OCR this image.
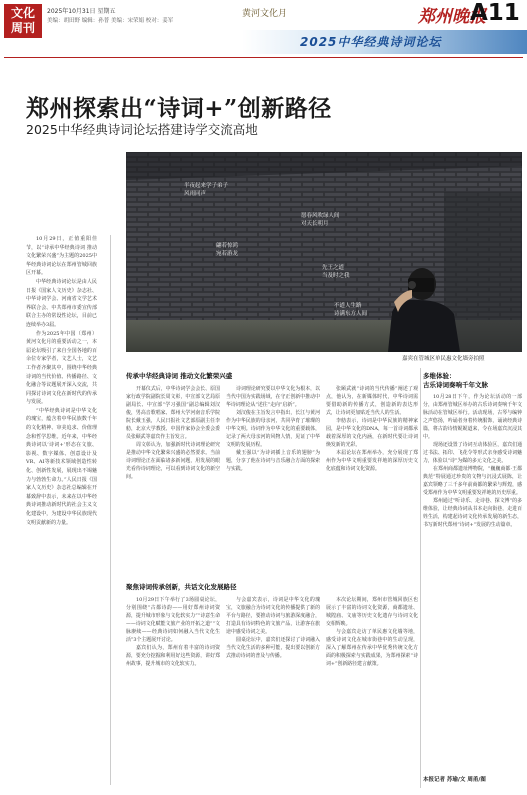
文化
周刊
2025年10月31日 星期五
美编：胡田野 编辑：孙普 美编：宋荣娟 校对：姜军
黄河文化月	郑州晚报
A11
2025中华经典诗词论坛
郑州探索出“诗词+”创新路径
2025中华经典诗词论坛搭建诗学交流高地

10月29日，正值重阳佳节，以“诗承中华经典诗词 推动文化繁荣兴盛”为主题的2025中华经典诗词论坛在郑州管城回族区开幕。

中华经典诗词论坛是由人民日报《国家人文历史》杂志社、中华诗词学会、河南省文学艺术界联合会、中共郑州市委宣传部联合主办的常设性论坛，目前已连续举办3届。

作为2025年中国（郑州）黄河文化月的重要活动之一，本届论坛吸引了来自全国各地的百余位专家学者，文艺人士，文艺工作者齐聚其中，围绕中华经典诗词的当代价值、传播路径、文化融合等议题展开深入交流，共同探讨诗词文化在新时代的传承与发展。

“中华经典诗词是中华文化的瑰宝，蕴含着中华民族数千年的文化精神、审美追求、价值理念和哲学思维。近年来，中华经典诗词以‘诗词+’形态在文旅、影视、数字媒体、创意设计及VR、AI等新技术领域创造性转化、创新性发展，展现出不竭魅力与勃勃生命力。”人民日报《国家人文历史》杂志社总编辑在开幕致辞中表示，未来在以中华经典诗词推动新时代的社会主义文化建设中，为建设中华民族现代文明贡献新的力量。

半夜起来学子弟子
风雨同声
翩若惊鸿
宛若游龙
愿春风吹绿人间
对天长明月
先王之道
当及时之我
不道人生路
诗满东方人间
嘉宾在管城区单民惠文化墙旁拍照
传承中华经典诗词 推动文化繁荣兴盛
聚焦诗词传承创新，共话文化发展路径
多维体验：
古乐诗词奏响千年文脉

开幕仪式后，中华诗词学会会长、原国家行政学院副院长周文彰，中宣部文艺局原副局长、中宣部“学习强国”副总编辑刘汉俊，男高音歌唱家、郑州大学河南音乐学院院长戴玉强，人民日报社文艺部原副主任李舫，北京大学教授、中国作家协会全委会委员张颐武等嘉宾作主旨发言。

周文彰认为，加强新时代诗词理论研究是推动中华文化繁荣兴盛的必然要求。当前诗词理论正在面临诸多新问题，用发展的眼光看待诗词理论，可以看到诗词文化的新空间。

诗词理论研究要以中华文化为根本，以当代中国为实践场域，在守正创新中推动中华诗词理论从“述往”走向“启新”。

刘汉俊在主旨发言中指出，长江与黄河作为中华民族的母亲河，共同孕育了璀璨的中华文明。诗词作为中华文化的重要载体，记录了两大母亲河的风物人情，见证了中华文明的发展历程。

戴玉强以“为诗词插上音乐的翅膀”为题，分享了他在诗词与音乐融合方面的探索与实践。

张颐武就“诗词的当代传播”阐述了观点，他认为，在新媒体时代，中华诗词需要借助新的传播方式，创造新的表达形式，让诗词更加贴近当代人的生活。

李舫表示，诗词是中华民族的精神家园，是中华文化的DNA，每一首诗词都承载着深厚的文化内涵，在新时代要让诗词焕发新的光彩。

本届论坛在郑州举办，充分展现了郑州作为中华文明重要发祥地的深厚历史文化底蕴和诗词文化资源。

10月29日下午举行了3场圆桌论坛，分别围绕“古都诗韵——用好郑州诗词资源，提升城市形象与文化软实力”“诗意生命——诗词文化赋能文旅产业的开拓之道”“文脉赓续——经典诗词如何融入当代文化生活”3个主题展开讨论。

嘉宾们认为，郑州有着丰富的诗词资源，要充分挖掘和利用好这些资源，讲好郑州故事，提升城市的文化软实力。

与会嘉宾表示，诗词是中华文化的瑰宝，文旅融合为诗词文化的传播提供了新的平台与路径，要推动诗词与旅游深度融合，打造具有诗词特色的文旅产品，让游客在旅途中感受诗词之美。

圆桌论坛中，嘉宾们还探讨了诗词融入当代文化生活的多种可能，提出要以创新方式推动诗词的普及与传播。

本次论坛期间，郑州市管城回族区也展示了丰富的诗词文化资源，商都遗址、城隍庙、文庙等历史文化遗存与诗词文化交相辉映。

与会嘉宾走访了单民惠文化墙等地，感受诗词文化在城市街巷中的生动呈现，深入了解郑州在传承中华优秀传统文化方面的积极探索与实践成果，为郑州探索“诗词+”创新路径建言献策。

10月28日下午，作为论坛活动的一部分，由郑州管城区举办的古乐诗词奏响千年文脉活动在管城区举行。活动现场，古琴与编钟之声悠扬，吟诵者身着传统服饰，诵读经典诗篇，将古韵诗情娓娓道来，令在场嘉宾沉浸其中。

现场还设置了诗词互动体验区，嘉宾们通过书法、拓印、飞花令等形式亲身感受诗词魅力，体验以“诗”为媒的多元文化之美。

在郑州商都遗址博物院，“巍巍商都·王都典范”特展通过珍贵的文物与沉浸式展陈，让嘉宾领略了三千多年前商都的繁荣与辉煌，感受郑州作为中华文明重要发祥地的历史厚重。

郑州通过“听诗乐、走诗巷、探文博”的多维体验，让经典诗词从书本走向街巷，走进百姓生活，构建起诗词文化传承发展的新生态，书写新时代郑州“诗词+”发展的生动篇章。

本报记者 苏瑜/文 周甬/图
